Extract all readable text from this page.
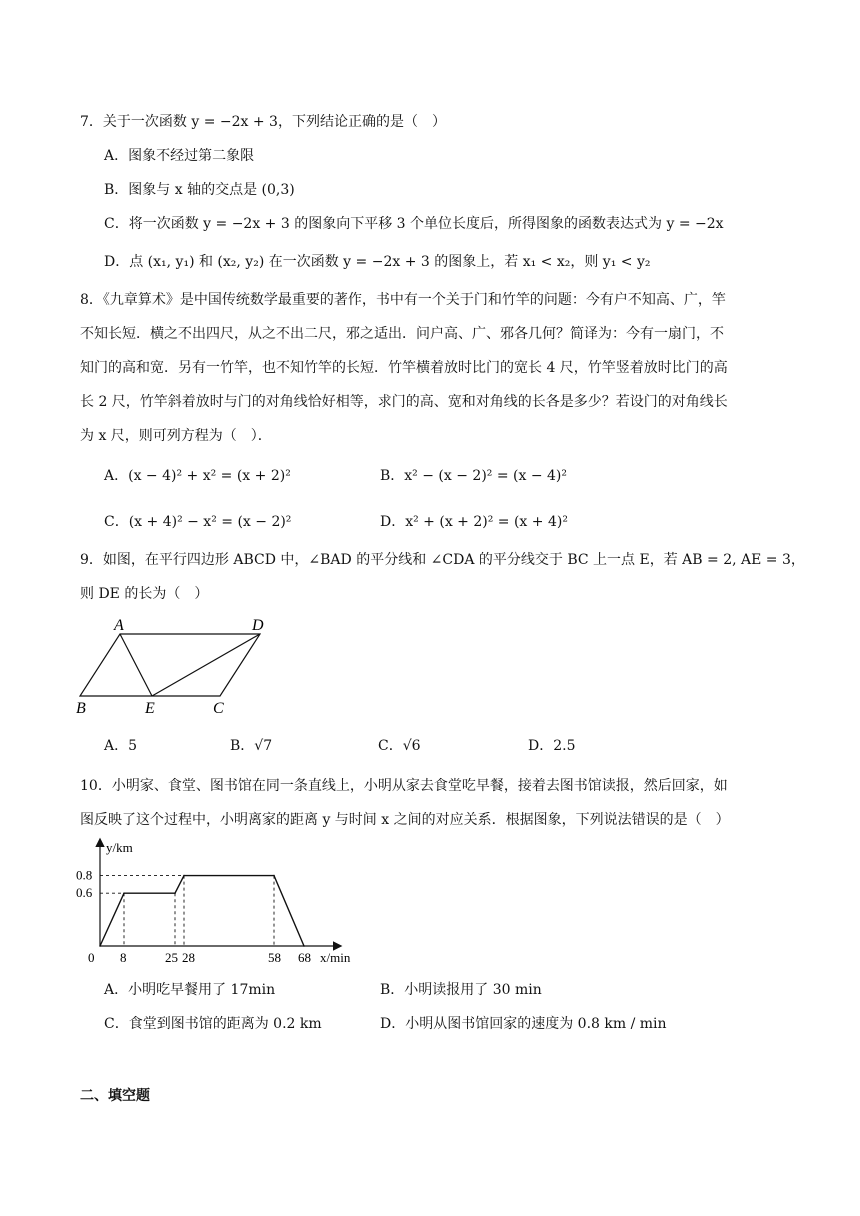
7．关于一次函数 y = −2x + 3，下列结论正确的是（　）
A．图象不经过第二象限
B．图象与 x 轴的交点是 (0,3)
C．将一次函数 y = −2x + 3 的图象向下平移 3 个单位长度后，所得图象的函数表达式为 y = −2x
D．点 (x₁, y₁) 和 (x₂, y₂) 在一次函数 y = −2x + 3 的图象上，若 x₁ < x₂，则 y₁ < y₂
8．《九章算术》是中国传统数学最重要的著作，书中有一个关于门和竹竿的问题：今有户不知高、广，竿
不知长短．横之不出四尺，从之不出二尺，邪之适出．问户高、广、邪各几何？简译为：今有一扇门，不
知门的高和宽．另有一竹竿，也不知竹竿的长短．竹竿横着放时比门的宽长 4 尺，竹竿竖着放时比门的高
长 2 尺，竹竿斜着放时与门的对角线恰好相等，求门的高、宽和对角线的长各是多少？若设门的对角线长
为 x 尺，则可列方程为（　）．
A．(x − 4)² + x² = (x + 2)²	B．x² − (x − 2)² = (x − 4)²
C．(x + 4)² − x² = (x − 2)²	D．x² + (x + 2)² = (x + 4)²
9．如图，在平行四边形 ABCD 中，∠BAD 的平分线和 ∠CDA 的平分线交于 BC 上一点 E，若 AB = 2, AE = 3，
则 DE 的长为（　）
A	D
B	E	C
A．5	B．√7	C．√6	D．2.5
10．小明家、食堂、图书馆在同一条直线上，小明从家去食堂吃早餐，接着去图书馆读报，然后回家，如
图反映了这个过程中，小明离家的距离 y 与时间 x 之间的对应关系．根据图象，下列说法错误的是（　）
y/km
x/min
0 8	25 28	58 68
0.6
0.8
A．小明吃早餐用了 17min	B．小明读报用了 30 min
C．食堂到图书馆的距离为 0.2 km	D．小明从图书馆回家的速度为 0.8 km / min
二、填空题
